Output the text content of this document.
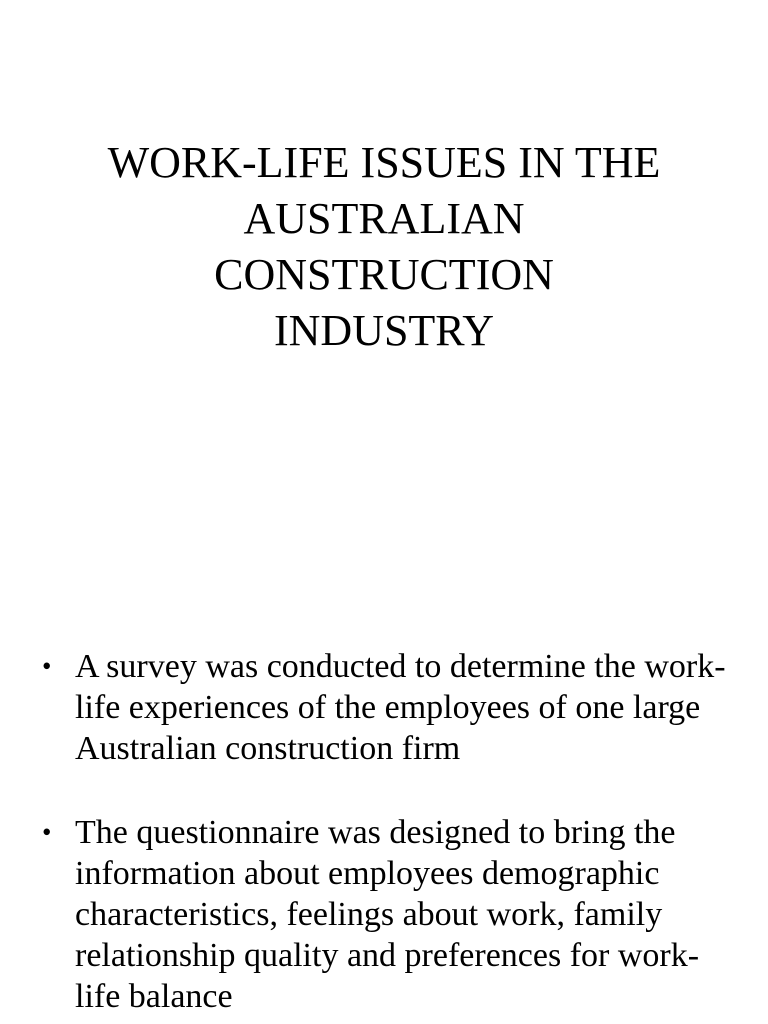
WORK-LIFE ISSUES IN THE
AUSTRALIAN
CONSTRUCTION
INDUSTRY
• A survey was conducted to determine the work-life experiences of the employees of one large Australian construction firm
• The questionnaire was designed to bring the information about employees demographic characteristics, feelings about work, family relationship quality and preferences for work-life balance
